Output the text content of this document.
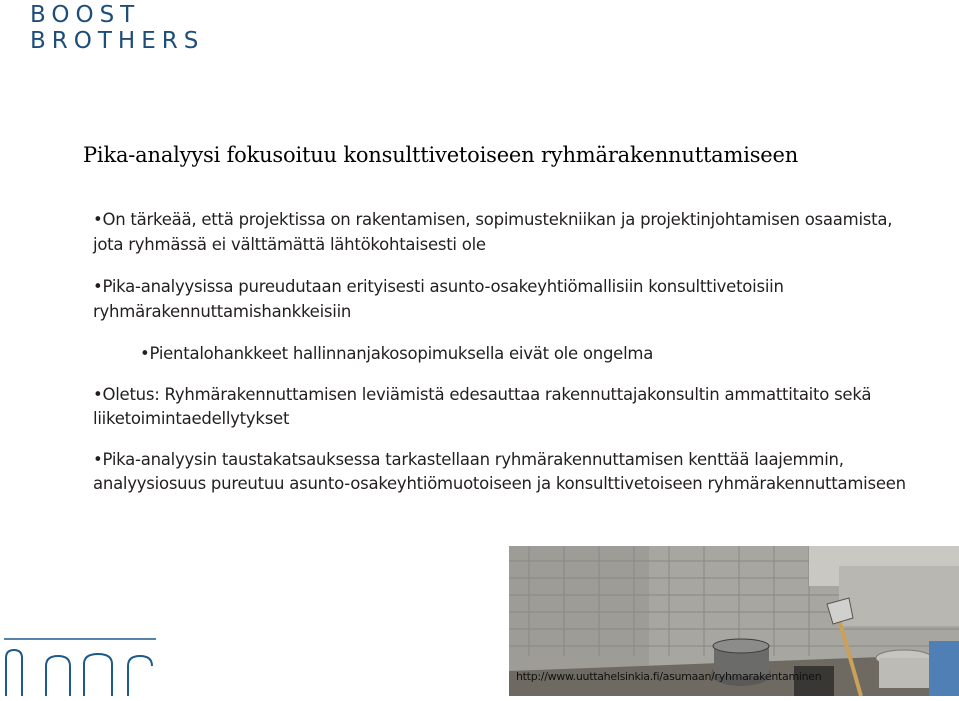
BOOST
BROTHERS
Pika-analyysi fokusoituu konsulttivetoiseen ryhmärakennuttamiseen
• On tärkeää, että projektissa on rakentamisen, sopimustekniikan ja projektinjohtamisen osaamista, jota ryhmässä ei välttämättä lähtökohtaisesti ole
• Pika-analyysissa pureudutaan erityisesti asunto-osakeyhtiömallisiin konsulttivetoisiin ryhmärakennuttamishankkeisiin
• Pientalohankkeet hallinnanjakosopimuksella eivät ole ongelma
• Oletus: Ryhmärakennuttamisen leviämistä edesauttaa rakennuttajakonsultin ammattitaito sekä liiketoimintaedellytykset
• Pika-analyysin taustakatsauksessa tarkastellaan ryhmärakennuttamisen kenttää laajemmin, analyysiosuus pureutuu asunto-osakeyhtiömuotoiseen ja konsulttivetoiseen ryhmärakennuttamiseen
http://www.uuttahelsinkia.fi/asumaan/ryhmarakentaminen
